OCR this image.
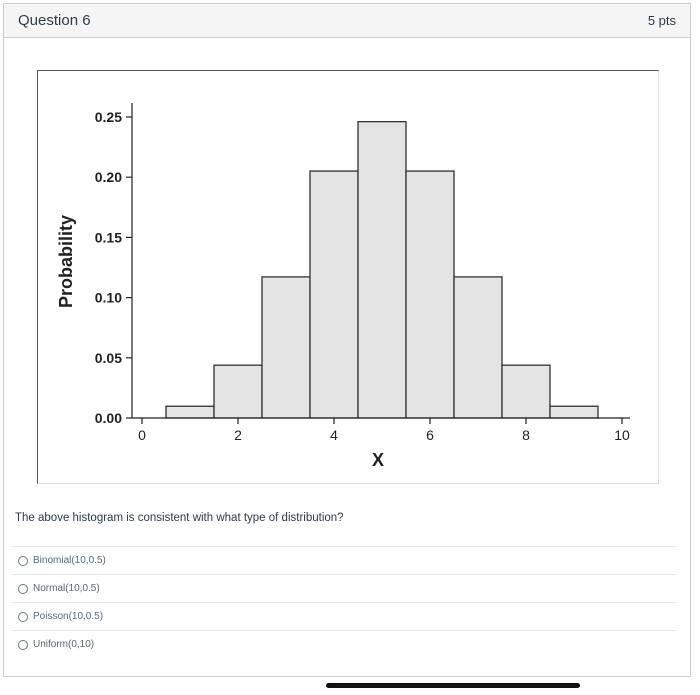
Question 6	5 pts
0.00
0.05
0.10
0.15
0.20
0.25
0	2	4	6	8	10
X
Probability
The above histogram is consistent with what type of distribution?
Binomial(10,0.5)
Normal(10,0.5)
Poisson(10,0.5)
Uniform(0,10)
